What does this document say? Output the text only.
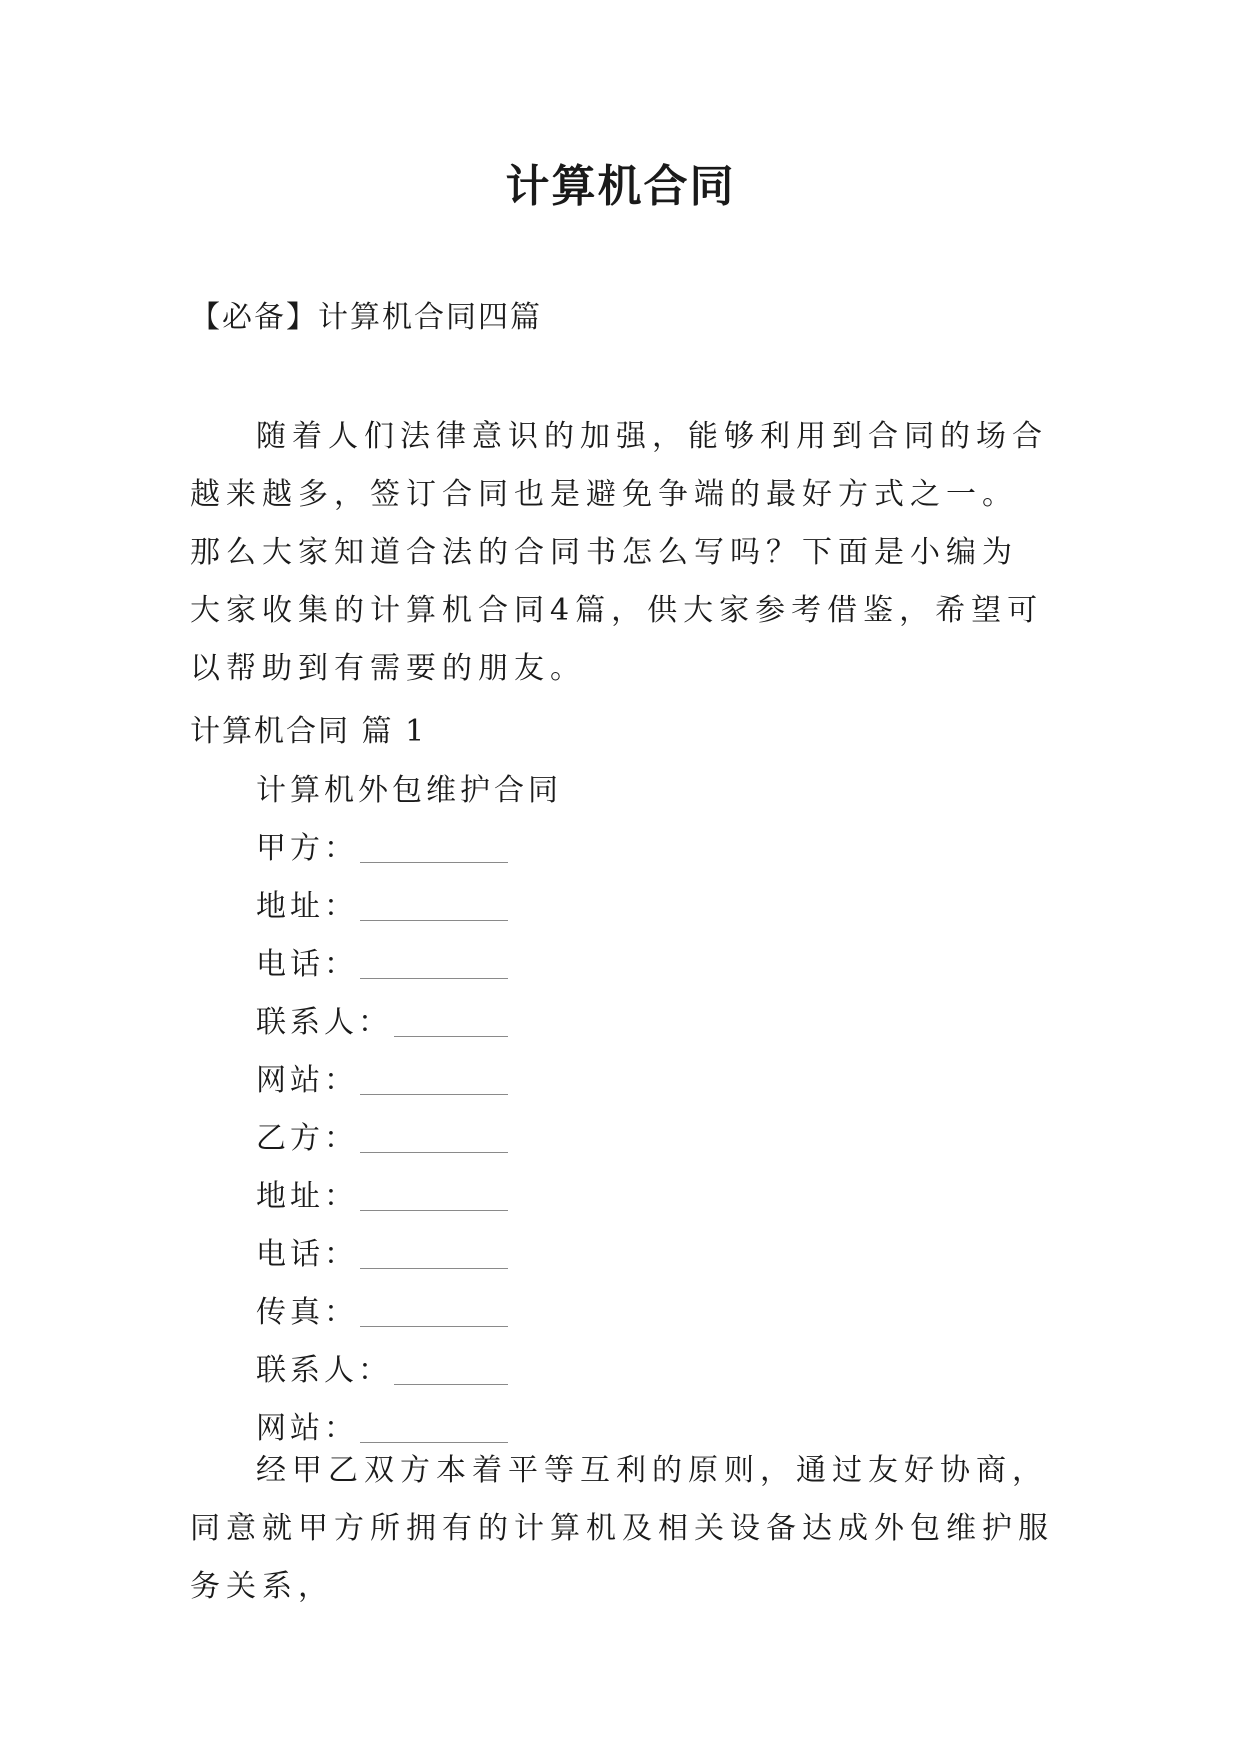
计算机合同
【必备】计算机合同四篇

随着人们法律意识的加强，能够利用到合同的场合越来越多，签订合同也是避免争端的最好方式之一。那么大家知道合法的合同书怎么写吗？下面是小编为大家收集的计算机合同4篇，供大家参考借鉴，希望可以帮助到有需要的朋友。

计算机合同 篇 1
计算机外包维护合同
甲方：
地址：
电话：
联系人：
网站：
乙方：
地址：
电话：
传真：
联系人：
网站：

经甲乙双方本着平等互利的原则，通过友好协商，同意就甲方所拥有的计算机及相关设备达成外包维护服务关系，
